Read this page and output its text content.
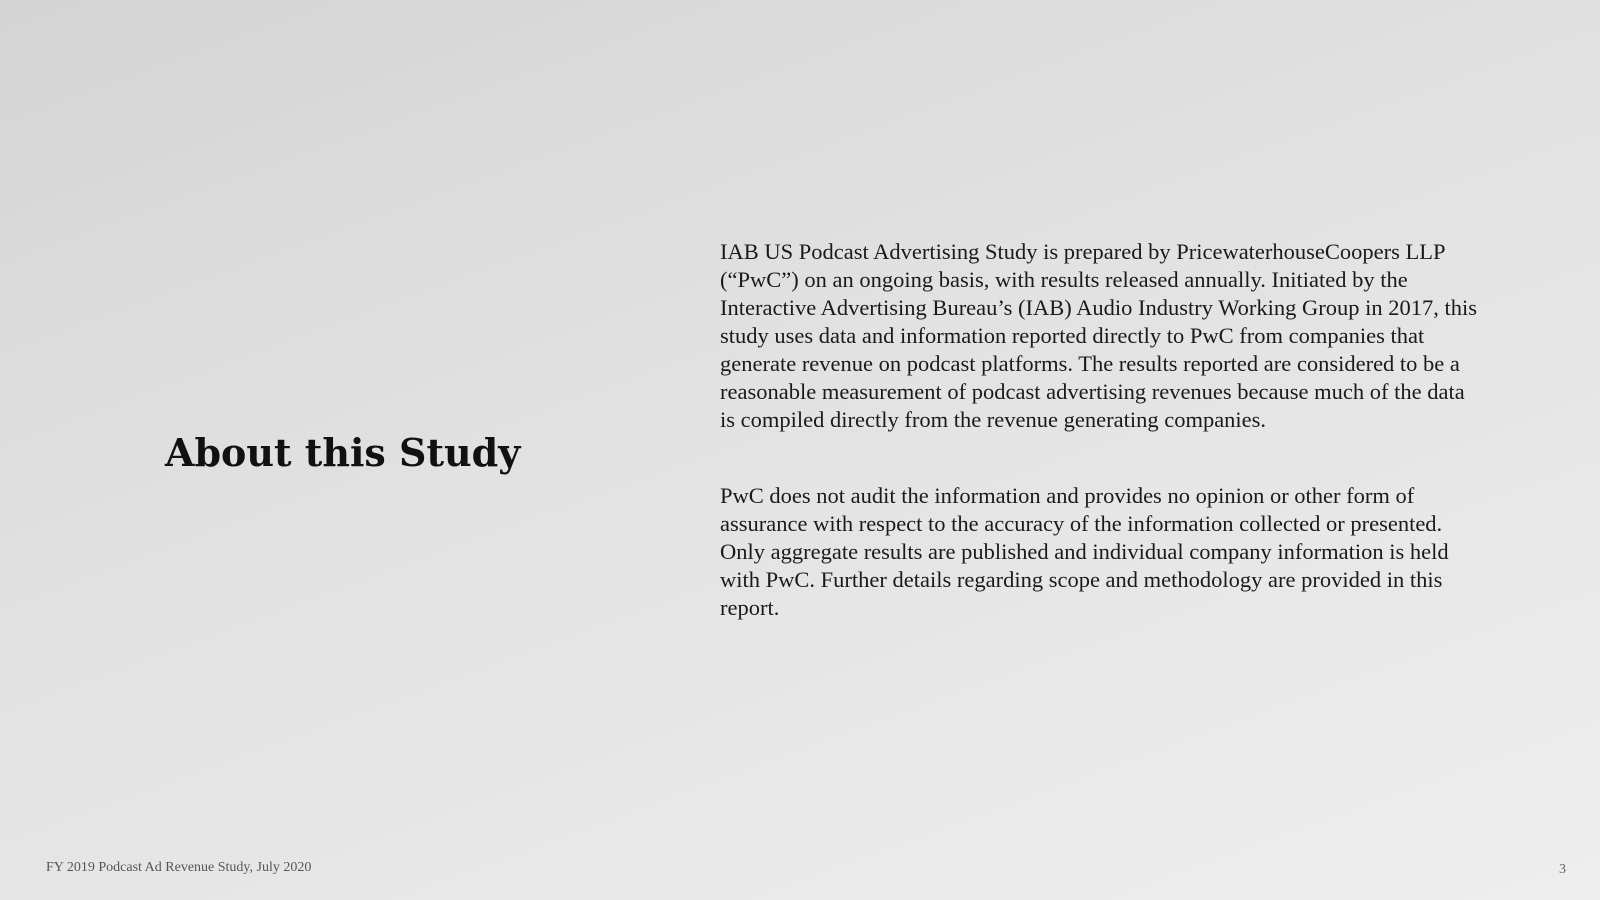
About this Study

IAB US Podcast Advertising Study is prepared by PricewaterhouseCoopers LLP (“PwC”) on an ongoing basis, with results released annually. Initiated by the Interactive Advertising Bureau’s (IAB) Audio Industry Working Group in 2017, this study uses data and information reported directly to PwC from companies that generate revenue on podcast platforms. The results reported are considered to be a reasonable measurement of podcast advertising revenues because much of the data is compiled directly from the revenue generating companies.

PwC does not audit the information and provides no opinion or other form of assurance with respect to the accuracy of the information collected or presented. Only aggregate results are published and individual company information is held with PwC. Further details regarding scope and methodology are provided in this report.

FY 2019 Podcast Ad Revenue Study, July 2020	3
